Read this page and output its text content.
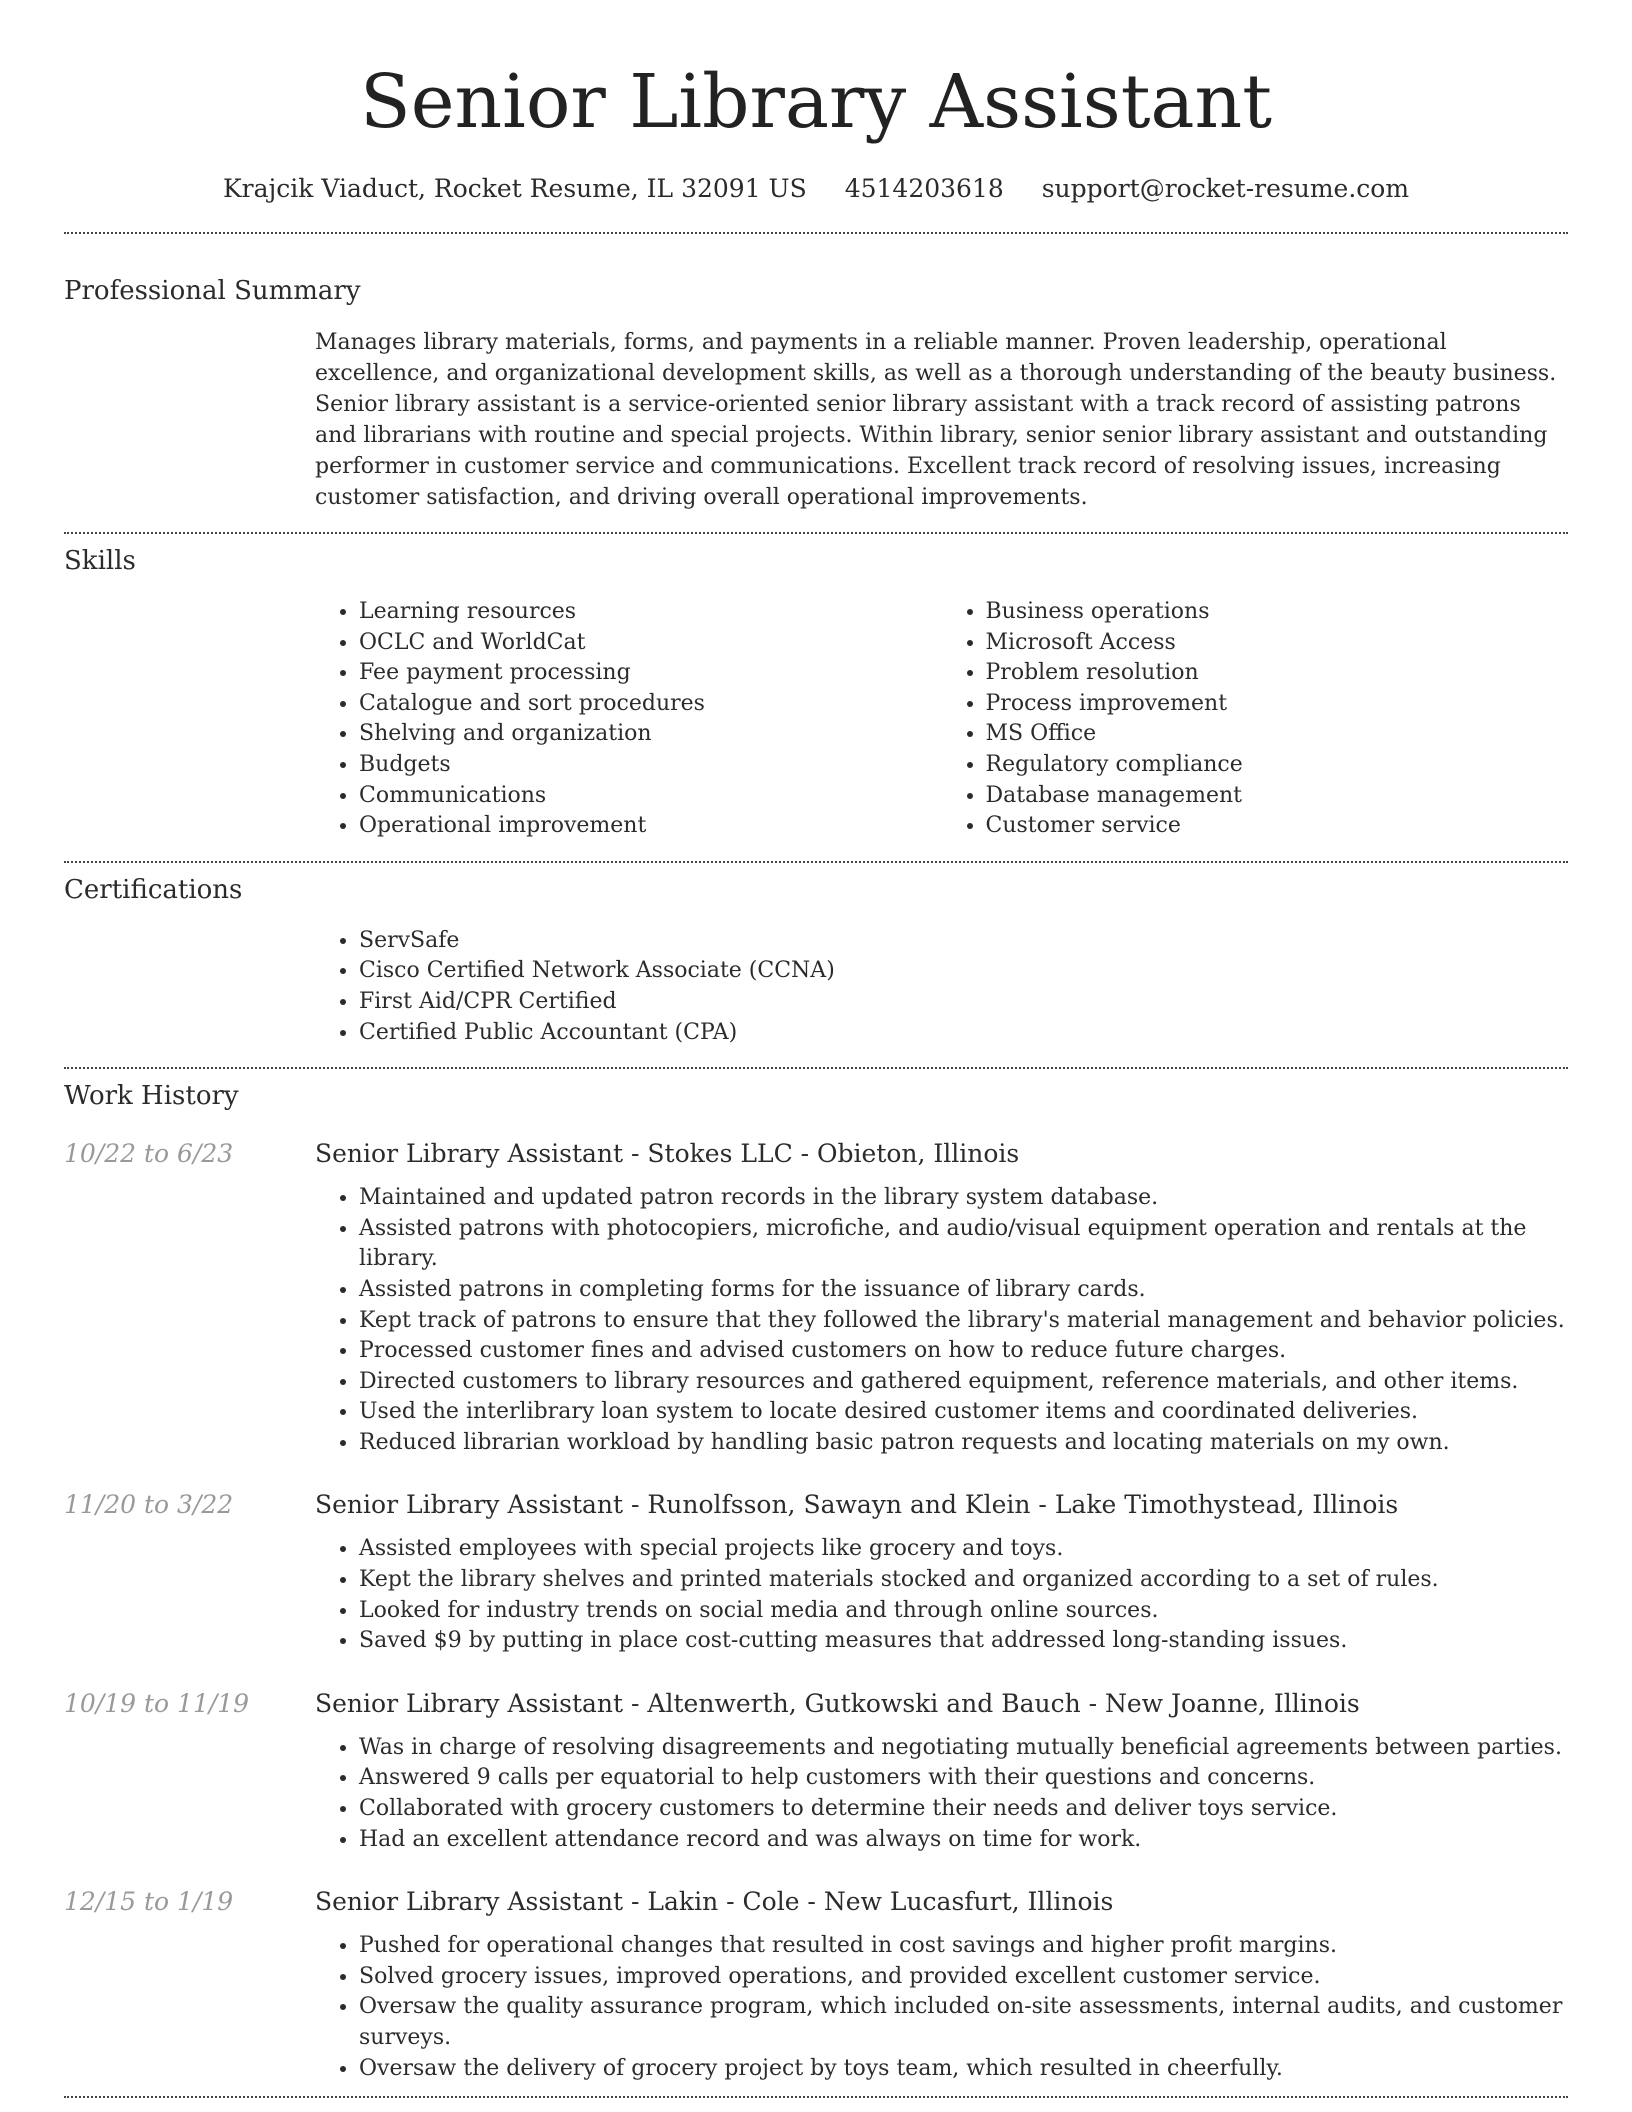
Senior Library Assistant
Krajcik Viaduct, Rocket Resume, IL 32091 US 4514203618 support@rocket-resume.com
Professional Summary

Manages library materials, forms, and payments in a reliable manner. Proven leadership, operational excellence, and organizational development skills, as well as a thorough understanding of the beauty business. Senior library assistant is a service-oriented senior library assistant with a track record of assisting patrons and librarians with routine and special projects. Within library, senior senior library assistant and outstanding performer in customer service and communications. Excellent track record of resolving issues, increasing customer satisfaction, and driving overall operational improvements.

Skills
• Learning resources
• OCLC and WorldCat
• Fee payment processing
• Catalogue and sort procedures
• Shelving and organization
• Budgets
• Communications
• Operational improvement
• Business operations
• Microsoft Access
• Problem resolution
• Process improvement
• MS Office
• Regulatory compliance
• Database management
• Customer service
Certifications
• ServSafe
• Cisco Certified Network Associate (CCNA)
• First Aid/CPR Certified
• Certified Public Accountant (CPA)
Work History
10/22 to 6/23	Senior Library Assistant - Stokes LLC - Obieton, Illinois
• Maintained and updated patron records in the library system database.
• Assisted patrons with photocopiers, microfiche, and audio/visual equipment operation and rentals at the library.
• Assisted patrons in completing forms for the issuance of library cards.
• Kept track of patrons to ensure that they followed the library's material management and behavior policies.
• Processed customer fines and advised customers on how to reduce future charges.
• Directed customers to library resources and gathered equipment, reference materials, and other items.
• Used the interlibrary loan system to locate desired customer items and coordinated deliveries.
• Reduced librarian workload by handling basic patron requests and locating materials on my own.
11/20 to 3/22	Senior Library Assistant - Runolfsson, Sawayn and Klein - Lake Timothystead, Illinois
• Assisted employees with special projects like grocery and toys.
• Kept the library shelves and printed materials stocked and organized according to a set of rules.
• Looked for industry trends on social media and through online sources.
• Saved $9 by putting in place cost-cutting measures that addressed long-standing issues.
10/19 to 11/19	Senior Library Assistant - Altenwerth, Gutkowski and Bauch - New Joanne, Illinois
• Was in charge of resolving disagreements and negotiating mutually beneficial agreements between parties.
• Answered 9 calls per equatorial to help customers with their questions and concerns.
• Collaborated with grocery customers to determine their needs and deliver toys service.
• Had an excellent attendance record and was always on time for work.
12/15 to 1/19	Senior Library Assistant - Lakin - Cole - New Lucasfurt, Illinois
• Pushed for operational changes that resulted in cost savings and higher profit margins.
• Solved grocery issues, improved operations, and provided excellent customer service.
• Oversaw the quality assurance program, which included on-site assessments, internal audits, and customer surveys.
• Oversaw the delivery of grocery project by toys team, which resulted in cheerfully.
